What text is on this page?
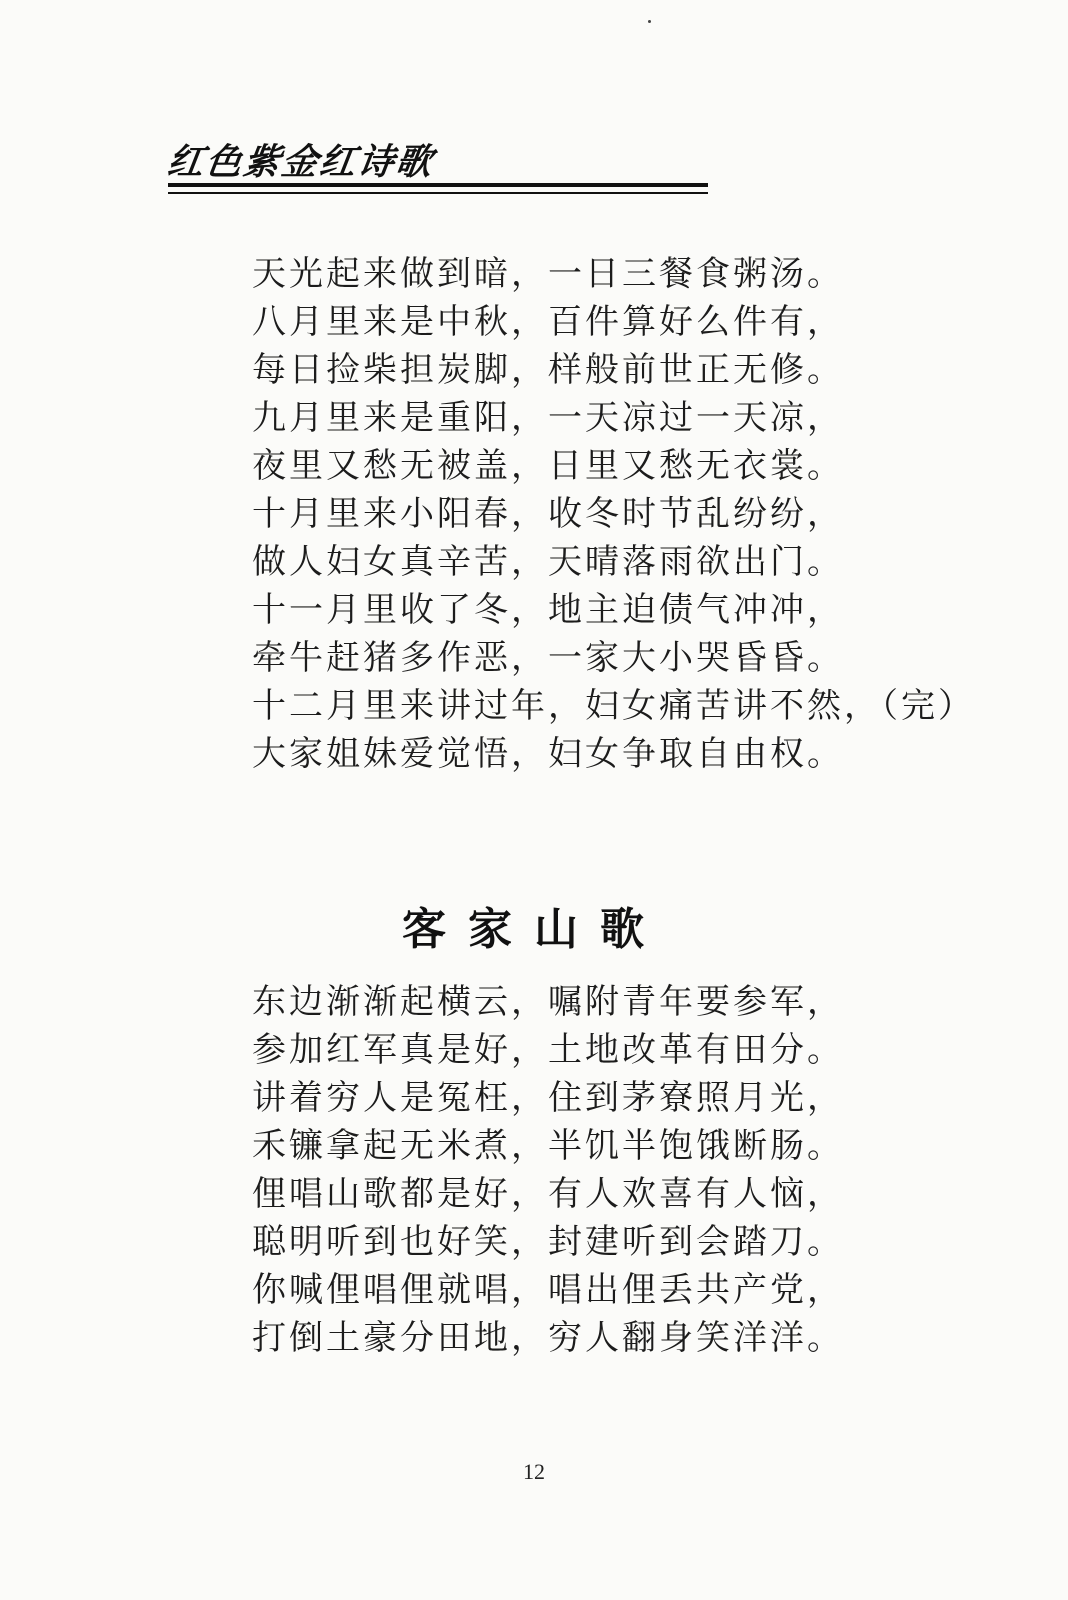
红色紫金红诗歌
天光起来做到暗，一日三餐食粥汤。
八月里来是中秋，百件算好么件有，
每日捡柴担炭脚，样般前世正无修。
九月里来是重阳，一天凉过一天凉，
夜里又愁无被盖，日里又愁无衣裳。
十月里来小阳春，收冬时节乱纷纷，
做人妇女真辛苦，天晴落雨欲出门。
十一月里收了冬，地主迫债气冲冲，
牵牛赶猪多作恶，一家大小哭昏昏。
十二月里来讲过年，妇女痛苦讲不然，（完）
大家姐妹爱觉悟，妇女争取自由权。
客家山歌
东边渐渐起横云，嘱附青年要参军，
参加红军真是好，土地改革有田分。
讲着穷人是冤枉，住到茅寮照月光，
禾镰拿起无米煮，半饥半饱饿断肠。
俚唱山歌都是好，有人欢喜有人恼，
聪明听到也好笑，封建听到会踏刀。
你喊俚唱俚就唱，唱出俚丢共产党，
打倒土豪分田地，穷人翻身笑洋洋。
12
